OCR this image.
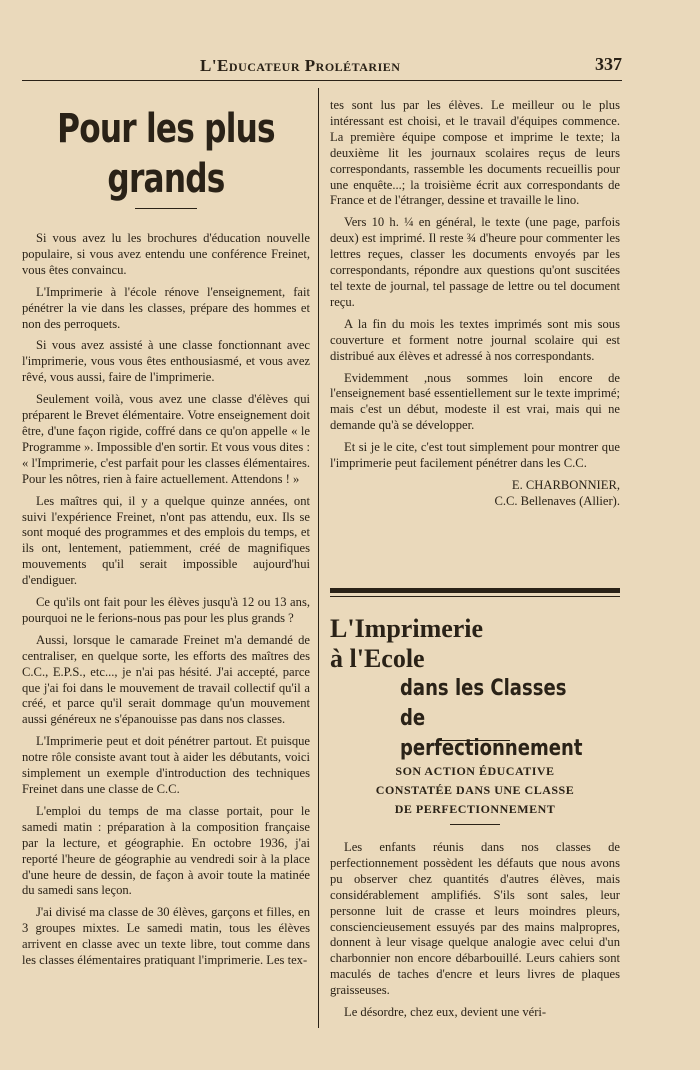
L'Educateur Prolétarien	337
Pour les plus grands

Si vous avez lu les brochures d'éducation nouvelle populaire, si vous avez entendu une conférence Freinet, vous êtes convaincu.

L'Imprimerie à l'école rénove l'enseignement, fait pénétrer la vie dans les classes, prépare des hommes et non des perroquets.

Si vous avez assisté à une classe fonctionnant avec l'imprimerie, vous vous êtes enthousiasmé, et vous avez rêvé, vous aussi, faire de l'imprimerie.

Seulement voilà, vous avez une classe d'élèves qui préparent le Brevet élémentaire. Votre enseignement doit être, d'une façon rigide, coffré dans ce qu'on appelle « le Programme ». Impossible d'en sortir. Et vous vous dites : « l'Imprimerie, c'est parfait pour les classes élémentaires. Pour les nôtres, rien à faire actuellement. Attendons ! »

Les maîtres qui, il y a quelque quinze années, ont suivi l'expérience Freinet, n'ont pas attendu, eux. Ils se sont moqué des programmes et des emplois du temps, et ils ont, lentement, patiemment, créé de magnifiques mouvements qu'il serait impossible aujourd'hui d'endiguer.

Ce qu'ils ont fait pour les élèves jusqu'à 12 ou 13 ans, pourquoi ne le ferions-nous pas pour les plus grands ?

Aussi, lorsque le camarade Freinet m'a demandé de centraliser, en quelque sorte, les efforts des maîtres des C.C., E.P.S., etc..., je n'ai pas hésité. J'ai accepté, parce que j'ai foi dans le mouvement de travail collectif qu'il a créé, et parce qu'il serait dommage qu'un mouvement aussi généreux ne s'épanouisse pas dans nos classes.

L'Imprimerie peut et doit pénétrer partout. Et puisque notre rôle consiste avant tout à aider les débutants, voici simplement un exemple d'introduction des techniques Freinet dans une classe de C.C.

L'emploi du temps de ma classe portait, pour le samedi matin : préparation à la composition française par la lecture, et géographie. En octobre 1936, j'ai reporté l'heure de géographie au vendredi soir à la place d'une heure de dessin, de façon à avoir toute la matinée du samedi sans leçon.

J'ai divisé ma classe de 30 élèves, garçons et filles, en 3 groupes mixtes. Le samedi matin, tous les élèves arrivent en classe avec un texte libre, tout comme dans les classes élémentaires pratiquant l'imprimerie. Les tex-

tes sont lus par les élèves. Le meilleur ou le plus intéressant est choisi, et le travail d'équipes commence. La première équipe compose et imprime le texte; la deuxième lit les journaux scolaires reçus de leurs correspondants, rassemble les documents recueillis pour une enquête...; la troisième écrit aux correspondants de France et de l'étranger, dessine et travaille le lino.

Vers 10 h. ¼ en général, le texte (une page, parfois deux) est imprimé. Il reste ¾ d'heure pour commenter les lettres reçues, classer les documents envoyés par les correspondants, répondre aux questions qu'ont suscitées tel texte de journal, tel passage de lettre ou tel document reçu.

A la fin du mois les textes imprimés sont mis sous couverture et forment notre journal scolaire qui est distribué aux élèves et adressé à nos correspondants.

Evidemment ,nous sommes loin encore de l'enseignement basé essentiellement sur le texte imprimé; mais c'est un début, modeste il est vrai, mais qui ne demande qu'à se développer.

Et si je le cite, c'est tout simplement pour montrer que l'imprimerie peut facilement pénétrer dans les C.C.

E. CHARBONNIER,
C.C. Bellenaves (Allier).

L'Imprimerie
à l'Ecole
dans les Classes
de perfectionnement
SON ACTION ÉDUCATIVE
CONSTATÉE DANS UNE CLASSE
DE PERFECTIONNEMENT

Les enfants réunis dans nos classes de perfectionnement possèdent les défauts que nous avons pu observer chez quantités d'autres élèves, mais considérablement amplifiés. S'ils sont sales, leur personne luit de crasse et leurs moindres pleurs, consciencieusement essuyés par des mains malpropres, donnent à leur visage quelque analogie avec celui d'un charbonnier non encore débarbouillé. Leurs cahiers sont maculés de taches d'encre et leurs livres de plaques graisseuses.

Le désordre, chez eux, devient une véri-
